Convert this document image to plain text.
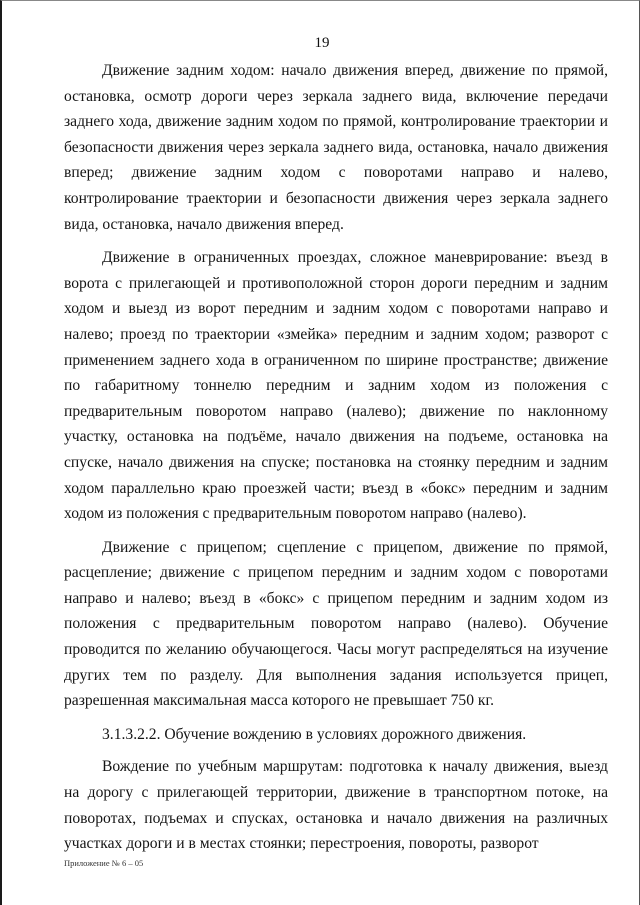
19

Движение задним ходом: начало движения вперед, движение по прямой, остановка, осмотр дороги через зеркала заднего вида, включение передачи заднего хода, движение задним ходом по прямой, контролирование траектории и безопасности движения через зеркала заднего вида, остановка, начало движения вперед; движение задним ходом с поворотами направо и налево, контролирование траектории и безопасности движения через зеркала заднего вида, остановка, начало движения вперед.

Движение в ограниченных проездах, сложное маневрирование: въезд в ворота с прилегающей и противоположной сторон дороги передним и задним ходом и выезд из ворот передним и задним ходом с поворотами направо и налево; проезд по траектории «змейка» передним и задним ходом; разворот с применением заднего хода в ограниченном по ширине пространстве; движение по габаритному тоннелю передним и задним ходом из положения с предварительным поворотом направо (налево); движение по наклонному участку, остановка на подъёме, начало движения на подъеме, остановка на спуске, начало движения на спуске; постановка на стоянку передним и задним ходом параллельно краю проезжей части; въезд в «бокс» передним и задним ходом из положения с предварительным поворотом направо (налево).

Движение с прицепом; сцепление с прицепом, движение по прямой, расцепление; движение с прицепом передним и задним ходом с поворотами направо и налево; въезд в «бокс» с прицепом передним и задним ходом из положения с предварительным поворотом направо (налево). Обучение проводится по желанию обучающегося. Часы могут распределяться на изучение других тем по разделу. Для выполнения задания используется прицеп, разрешенная максимальная масса которого не превышает 750 кг.

3.1.3.2.2. Обучение вождению в условиях дорожного движения.

Вождение по учебным маршрутам: подготовка к началу движения, выезд на дорогу с прилегающей территории, движение в транспортном потоке, на поворотах, подъемах и спусках, остановка и начало движения на различных участках дороги и в местах стоянки; перестроения, повороты, разворот

Приложение № 6 – 05
